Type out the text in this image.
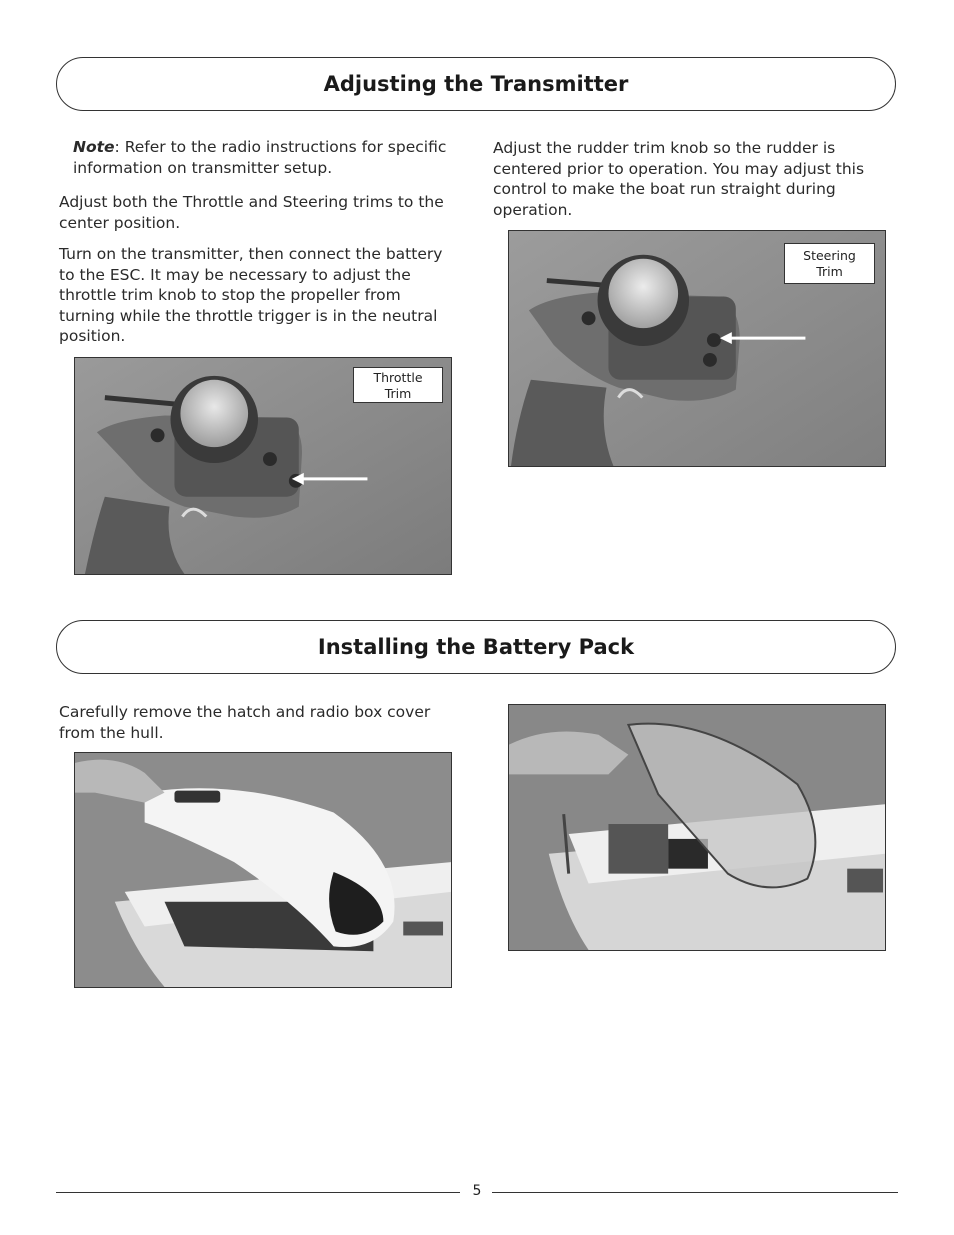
Adjusting the Transmitter

Note: Refer to the radio instructions for specific information on transmitter setup.

Adjust both the Throttle and Steering trims to the center position.

Turn on the transmitter, then connect the battery to the ESC. It may be necessary to adjust the throttle trim knob to stop the propeller from turning while the throttle trigger is in the neutral position.

Adjust the rudder trim knob so the rudder is centered prior to operation. You may adjust this control to make the boat run straight during operation.

Throttle
Trim
Steering
Trim
Installing the Battery Pack

Carefully remove the hatch and radio box cover from the hull.

5
